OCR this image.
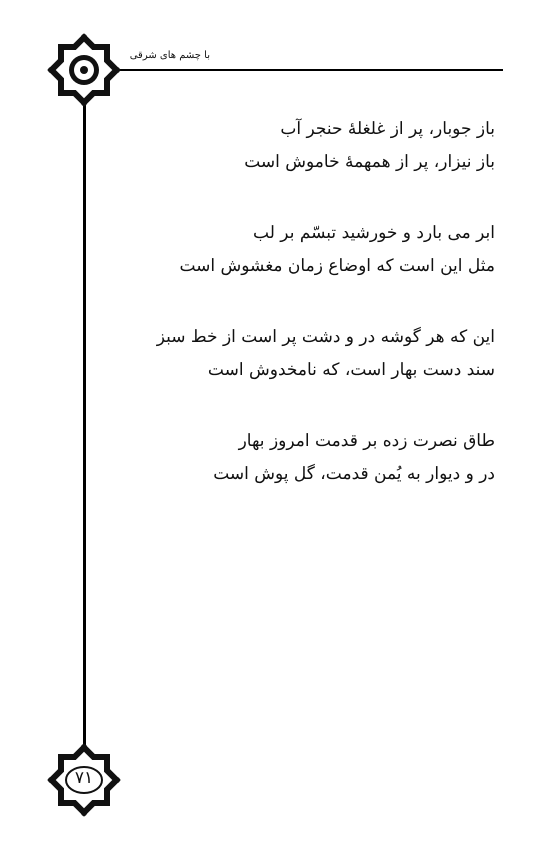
با چشم های شرقی
۷۱
باز جوبار، پر از غلغلهٔ حنجر آب
باز نیزار، پر از همهمهٔ خاموش است
ابر می بارد و خورشید تبسّم بر لب
مثل این است که اوضاع زمان مغشوش است
این که هر گوشه در و دشت پر است از خط سبز
سند دست بهار است، که نامخدوش است
طاق نصرت زده بر قدمت امروز بهار
در و دیوار به یُمن قدمت، گل پوش است
